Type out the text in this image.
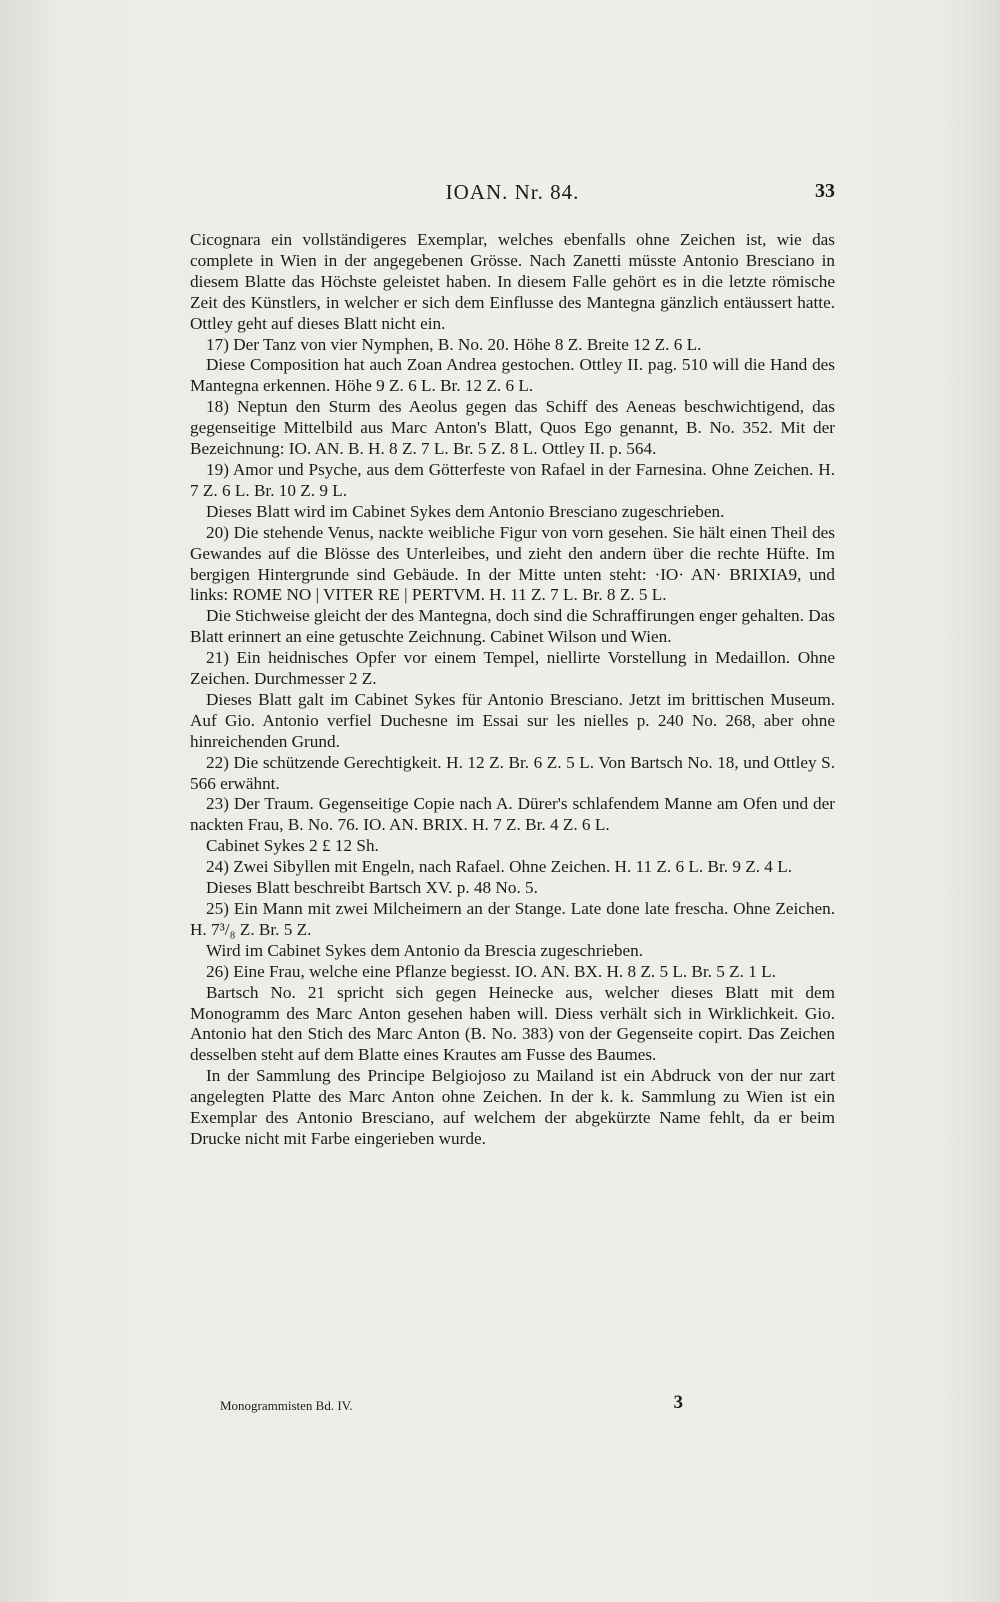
IOAN. Nr. 84.	33

Cicognara ein vollständigeres Exemplar, welches ebenfalls ohne Zeichen ist, wie das complete in Wien in der angegebenen Grösse. Nach Zanetti müsste Antonio Bresciano in diesem Blatte das Höchste geleistet haben. In diesem Falle gehört es in die letzte römische Zeit des Künstlers, in welcher er sich dem Einflusse des Mantegna gänzlich entäussert hatte. Ottley geht auf dieses Blatt nicht ein.

17) Der Tanz von vier Nymphen, B. No. 20. Höhe 8 Z. Breite 12 Z. 6 L.

Diese Composition hat auch Zoan Andrea gestochen. Ottley II. pag. 510 will die Hand des Mantegna erkennen. Höhe 9 Z. 6 L. Br. 12 Z. 6 L.

18) Neptun den Sturm des Aeolus gegen das Schiff des Aeneas beschwichtigend, das gegenseitige Mittelbild aus Marc Anton's Blatt, Quos Ego genannt, B. No. 352. Mit der Bezeichnung: IO. AN. B. H. 8 Z. 7 L. Br. 5 Z. 8 L. Ottley II. p. 564.

19) Amor und Psyche, aus dem Götterfeste von Rafael in der Farnesina. Ohne Zeichen. H. 7 Z. 6 L. Br. 10 Z. 9 L.

Dieses Blatt wird im Cabinet Sykes dem Antonio Bresciano zugeschrieben.

20) Die stehende Venus, nackte weibliche Figur von vorn gesehen. Sie hält einen Theil des Gewandes auf die Blösse des Unterleibes, und zieht den andern über die rechte Hüfte. Im bergigen Hintergrunde sind Gebäude. In der Mitte unten steht: ·IO· AN· BRIXIA9, und links: ROME NO | VITER RE | PERTVM. H. 11 Z. 7 L. Br. 8 Z. 5 L.

Die Stichweise gleicht der des Mantegna, doch sind die Schraffirungen enger gehalten. Das Blatt erinnert an eine getuschte Zeichnung. Cabinet Wilson und Wien.

21) Ein heidnisches Opfer vor einem Tempel, niellirte Vorstellung in Medaillon. Ohne Zeichen. Durchmesser 2 Z.

Dieses Blatt galt im Cabinet Sykes für Antonio Bresciano. Jetzt im brittischen Museum. Auf Gio. Antonio verfiel Duchesne im Essai sur les nielles p. 240 No. 268, aber ohne hinreichenden Grund.

22) Die schützende Gerechtigkeit. H. 12 Z. Br. 6 Z. 5 L. Von Bartsch No. 18, und Ottley S. 566 erwähnt.

23) Der Traum. Gegenseitige Copie nach A. Dürer's schlafendem Manne am Ofen und der nackten Frau, B. No. 76. IO. AN. BRIX. H. 7 Z. Br. 4 Z. 6 L.

Cabinet Sykes 2 £ 12 Sh.

24) Zwei Sibyllen mit Engeln, nach Rafael. Ohne Zeichen. H. 11 Z. 6 L. Br. 9 Z. 4 L.

Dieses Blatt beschreibt Bartsch XV. p. 48 No. 5.

25) Ein Mann mit zwei Milcheimern an der Stange. Late done late frescha. Ohne Zeichen. H. 7³/₈ Z. Br. 5 Z.

Wird im Cabinet Sykes dem Antonio da Brescia zugeschrieben.

26) Eine Frau, welche eine Pflanze begiesst. IO. AN. BX. H. 8 Z. 5 L. Br. 5 Z. 1 L.

Bartsch No. 21 spricht sich gegen Heinecke aus, welcher dieses Blatt mit dem Monogramm des Marc Anton gesehen haben will. Diess verhält sich in Wirklichkeit. Gio. Antonio hat den Stich des Marc Anton (B. No. 383) von der Gegenseite copirt. Das Zeichen desselben steht auf dem Blatte eines Krautes am Fusse des Baumes.

In der Sammlung des Principe Belgiojoso zu Mailand ist ein Abdruck von der nur zart angelegten Platte des Marc Anton ohne Zeichen. In der k. k. Sammlung zu Wien ist ein Exemplar des Antonio Bresciano, auf welchem der abgekürzte Name fehlt, da er beim Drucke nicht mit Farbe eingerieben wurde.

Monogrammisten Bd. IV.	3
